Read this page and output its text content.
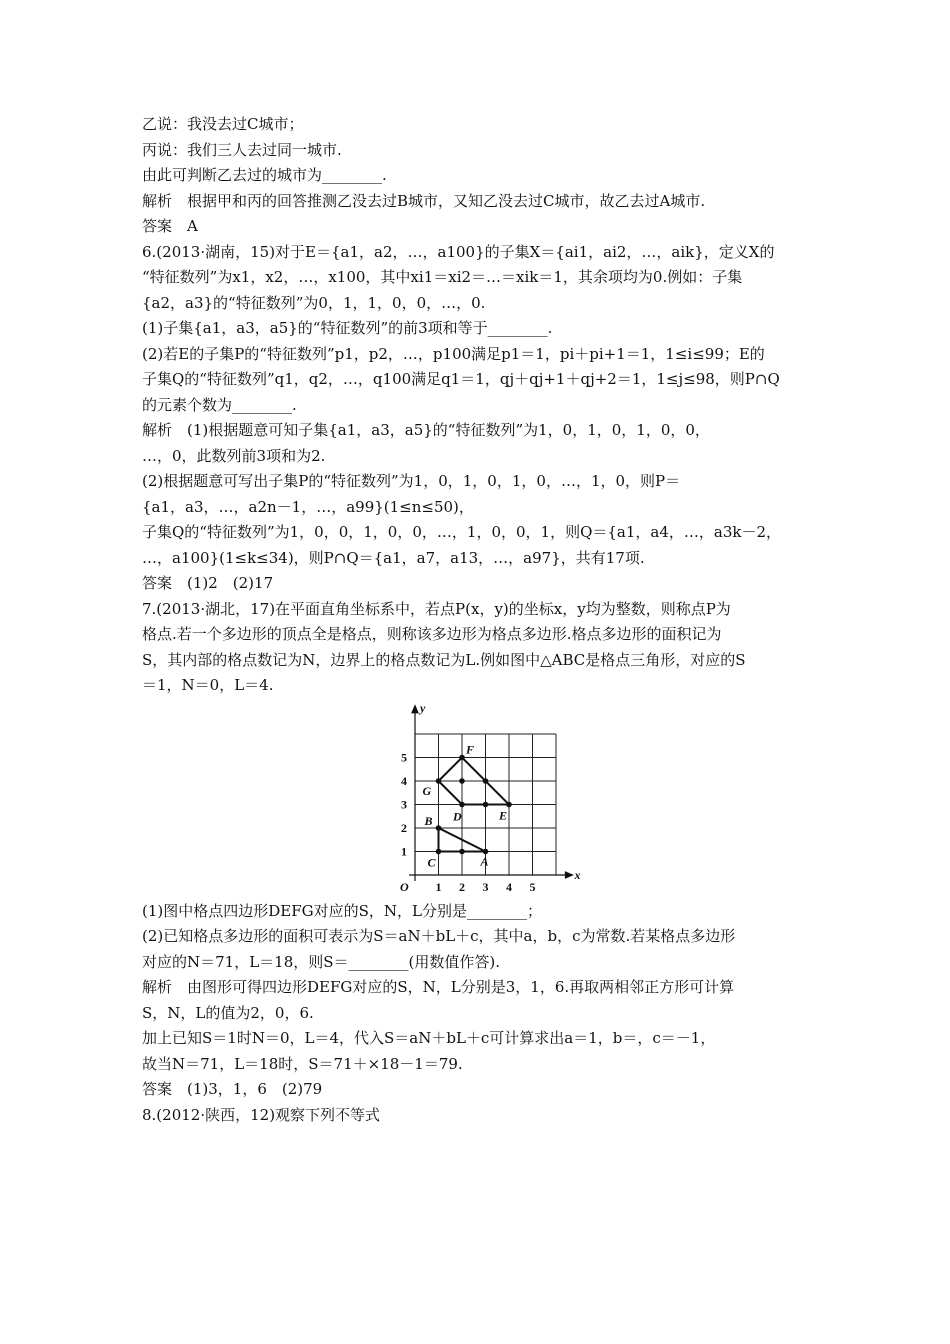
乙说：我没去过C城市；
丙说：我们三人去过同一城市.
由此可判断乙去过的城市为________.
解析　根据甲和丙的回答推测乙没去过B城市，又知乙没去过C城市，故乙去过A城市.
答案　A
6.(2013·湖南，15)对于E＝{a1，a2，…，a100}的子集X＝{ai1，ai2，…，aik}，定义X的
“特征数列”为x1，x2，…，x100，其中xi1＝xi2＝…＝xik＝1，其余项均为0.例如：子集
{a2，a3}的“特征数列”为0，1，1，0，0，…，0.
(1)子集{a1，a3，a5}的“特征数列”的前3项和等于________.
(2)若E的子集P的“特征数列”p1，p2，…，p100满足p1＝1，pi＋pi+1＝1，1≤i≤99；E的
子集Q的“特征数列”q1，q2，…，q100满足q1＝1，qj＋qj+1＋qj+2＝1，1≤j≤98，则P∩Q
的元素个数为________.
解析　(1)根据题意可知子集{a1，a3，a5}的“特征数列”为1，0，1，0，1，0，0，
…，0，此数列前3项和为2.
(2)根据题意可写出子集P的“特征数列”为1，0，1，0，1，0，…，1，0，则P＝
{a1，a3，…，a2n－1，…，a99}(1≤n≤50)，
子集Q的“特征数列”为1，0，0，1，0，0，…，1，0，0，1，则Q＝{a1，a4，…，a3k－2，
…，a100}(1≤k≤34)，则P∩Q＝{a1，a7，a13，…，a97}，共有17项.
答案　(1)2　(2)17
7.(2013·湖北，17)在平面直角坐标系中，若点P(x，y)的坐标x，y均为整数，则称点P为
格点.若一个多边形的顶点全是格点，则称该多边形为格点多边形.格点多边形的面积记为
S，其内部的格点数记为N，边界上的格点数记为L.例如图中△ABC是格点三角形，对应的S
＝1，N＝0，L＝4.
1 2 3 4 5
1
2
3
4
5
O
x
y
A
B
C
D	E
F
G
(1)图中格点四边形DEFG对应的S，N，L分别是________；
(2)已知格点多边形的面积可表示为S＝aN＋bL＋c，其中a，b，c为常数.若某格点多边形
对应的N＝71，L＝18，则S＝________(用数值作答).
解析　由图形可得四边形DEFG对应的S，N，L分别是3，1，6.再取两相邻正方形可计算
S，N，L的值为2，0，6.
加上已知S＝1时N＝0，L＝4，代入S＝aN＋bL＋c可计算求出a＝1，b＝，c＝－1，
故当N＝71，L＝18时，S＝71＋×18－1＝79.
答案　(1)3，1，6　(2)79
8.(2012·陕西，12)观察下列不等式
